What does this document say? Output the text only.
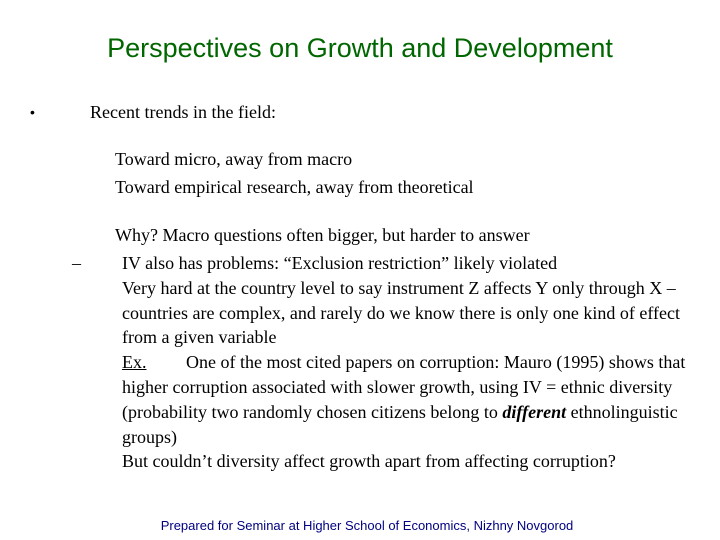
Perspectives on Growth and Development
•	Recent trends in the field:
Toward micro, away from macro
Toward empirical research, away from theoretical
Why? Macro questions often bigger, but harder to answer
– IV also has problems: “Exclusion restriction” likely violated

Very hard at the country level to say instrument Z affects Y only through X – countries are complex, and rarely do we know there is only one kind of effect from a given variable

Ex. One of the most cited papers on corruption: Mauro (1995) shows that higher corruption associated with slower growth, using IV = ethnic diversity (probability two randomly chosen citizens belong to different ethnolinguistic groups)

But couldn’t diversity affect growth apart from affecting corruption?

Prepared for Seminar at Higher School of Economics, Nizhny Novgorod
